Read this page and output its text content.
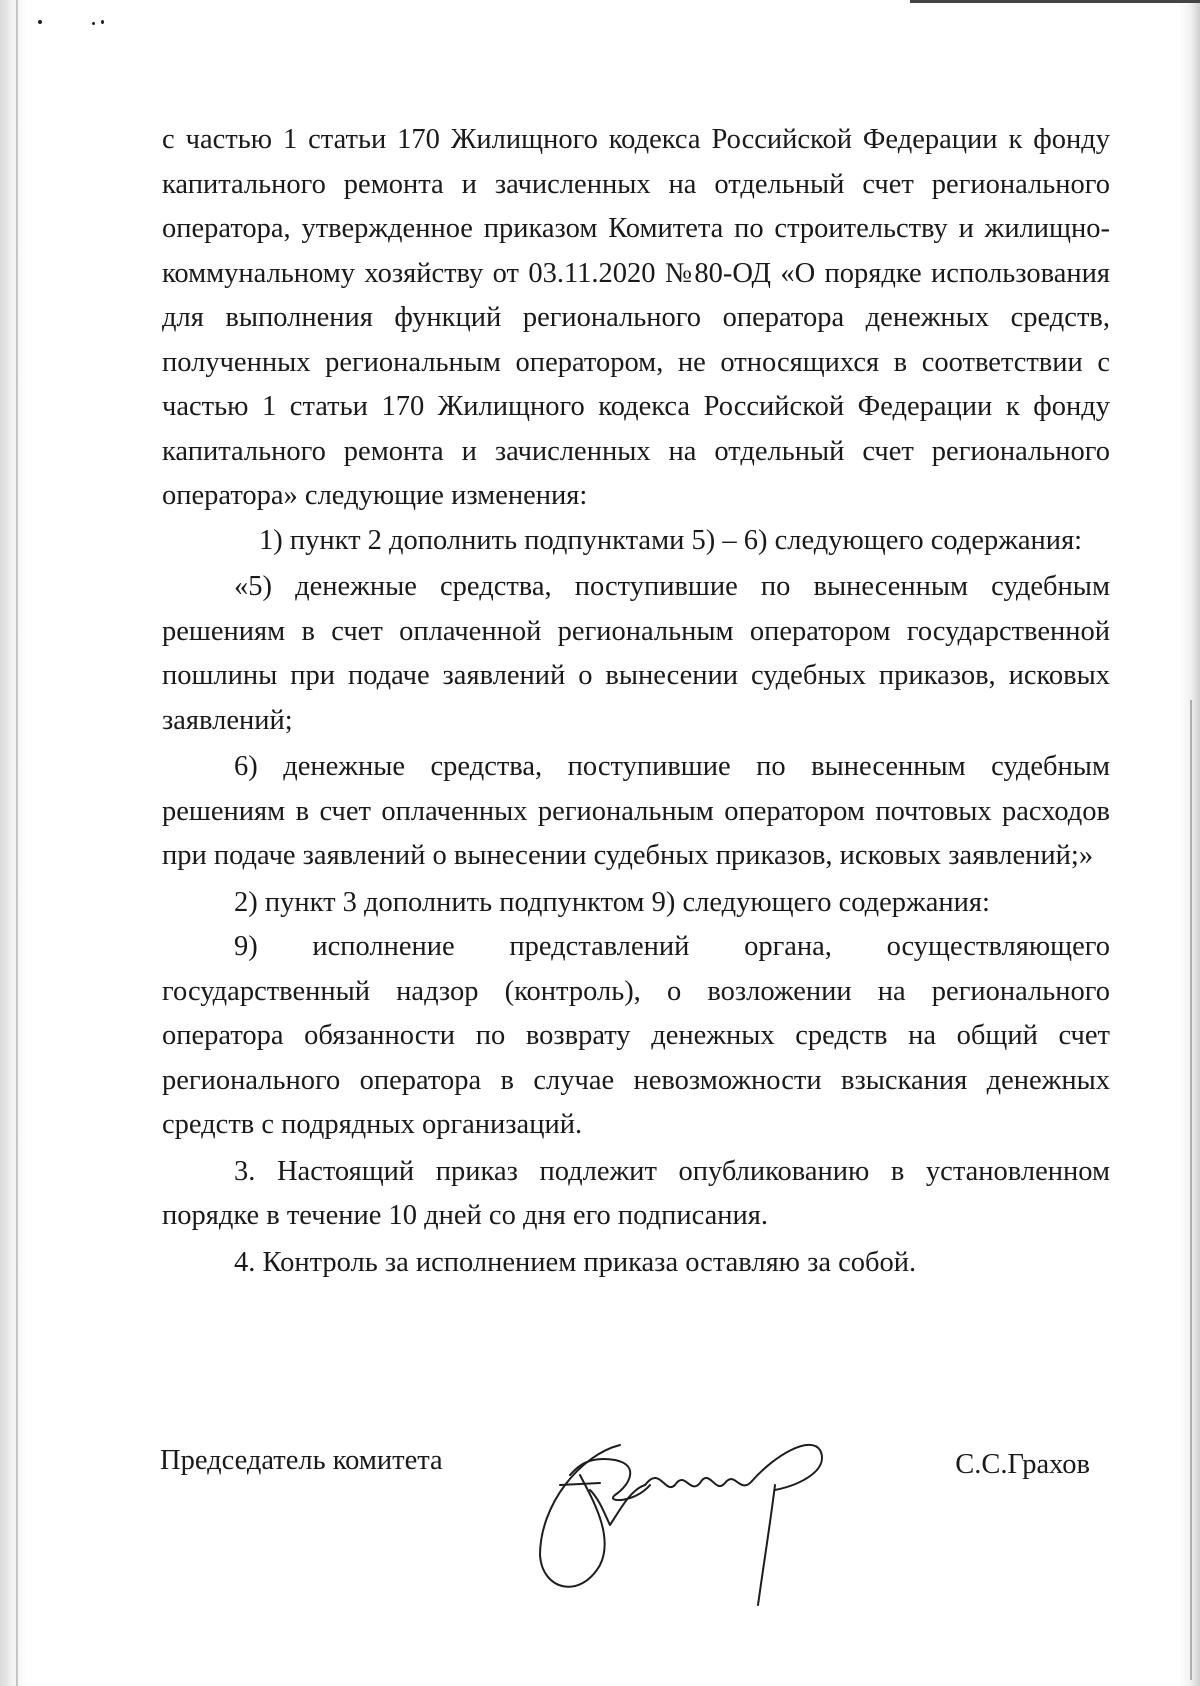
с частью 1 статьи 170 Жилищного кодекса Российской Федерации к фонду капитального ремонта и зачисленных на отдельный счет регионального оператора, утвержденное приказом Комитета по строительству и жилищно-коммунальному хозяйству от 03.11.2020 №80-ОД «О порядке использования для выполнения функций регионального оператора денежных средств, полученных региональным оператором, не относящихся в соответствии с частью 1 статьи 170 Жилищного кодекса Российской Федерации к фонду капитального ремонта и зачисленных на отдельный счет регионального оператора» следующие изменения:

1) пункт 2 дополнить подпунктами 5) – 6) следующего содержания:

«5) денежные средства, поступившие по вынесенным судебным решениям в счет оплаченной региональным оператором государственной пошлины при подаче заявлений о вынесении судебных приказов, исковых заявлений;

6) денежные средства, поступившие по вынесенным судебным решениям в счет оплаченных региональным оператором почтовых расходов при подаче заявлений о вынесении судебных приказов, исковых заявлений;»

2) пункт 3 дополнить подпунктом 9) следующего содержания:

9) исполнение представлений органа, осуществляющего государственный надзор (контроль), о возложении на регионального оператора обязанности по возврату денежных средств на общий счет регионального оператора в случае невозможности взыскания денежных средств с подрядных организаций.

3. Настоящий приказ подлежит опубликованию в установленном порядке в течение 10 дней со дня его подписания.

4. Контроль за исполнением приказа оставляю за собой.

Председатель комитета	С.С.Грахов
